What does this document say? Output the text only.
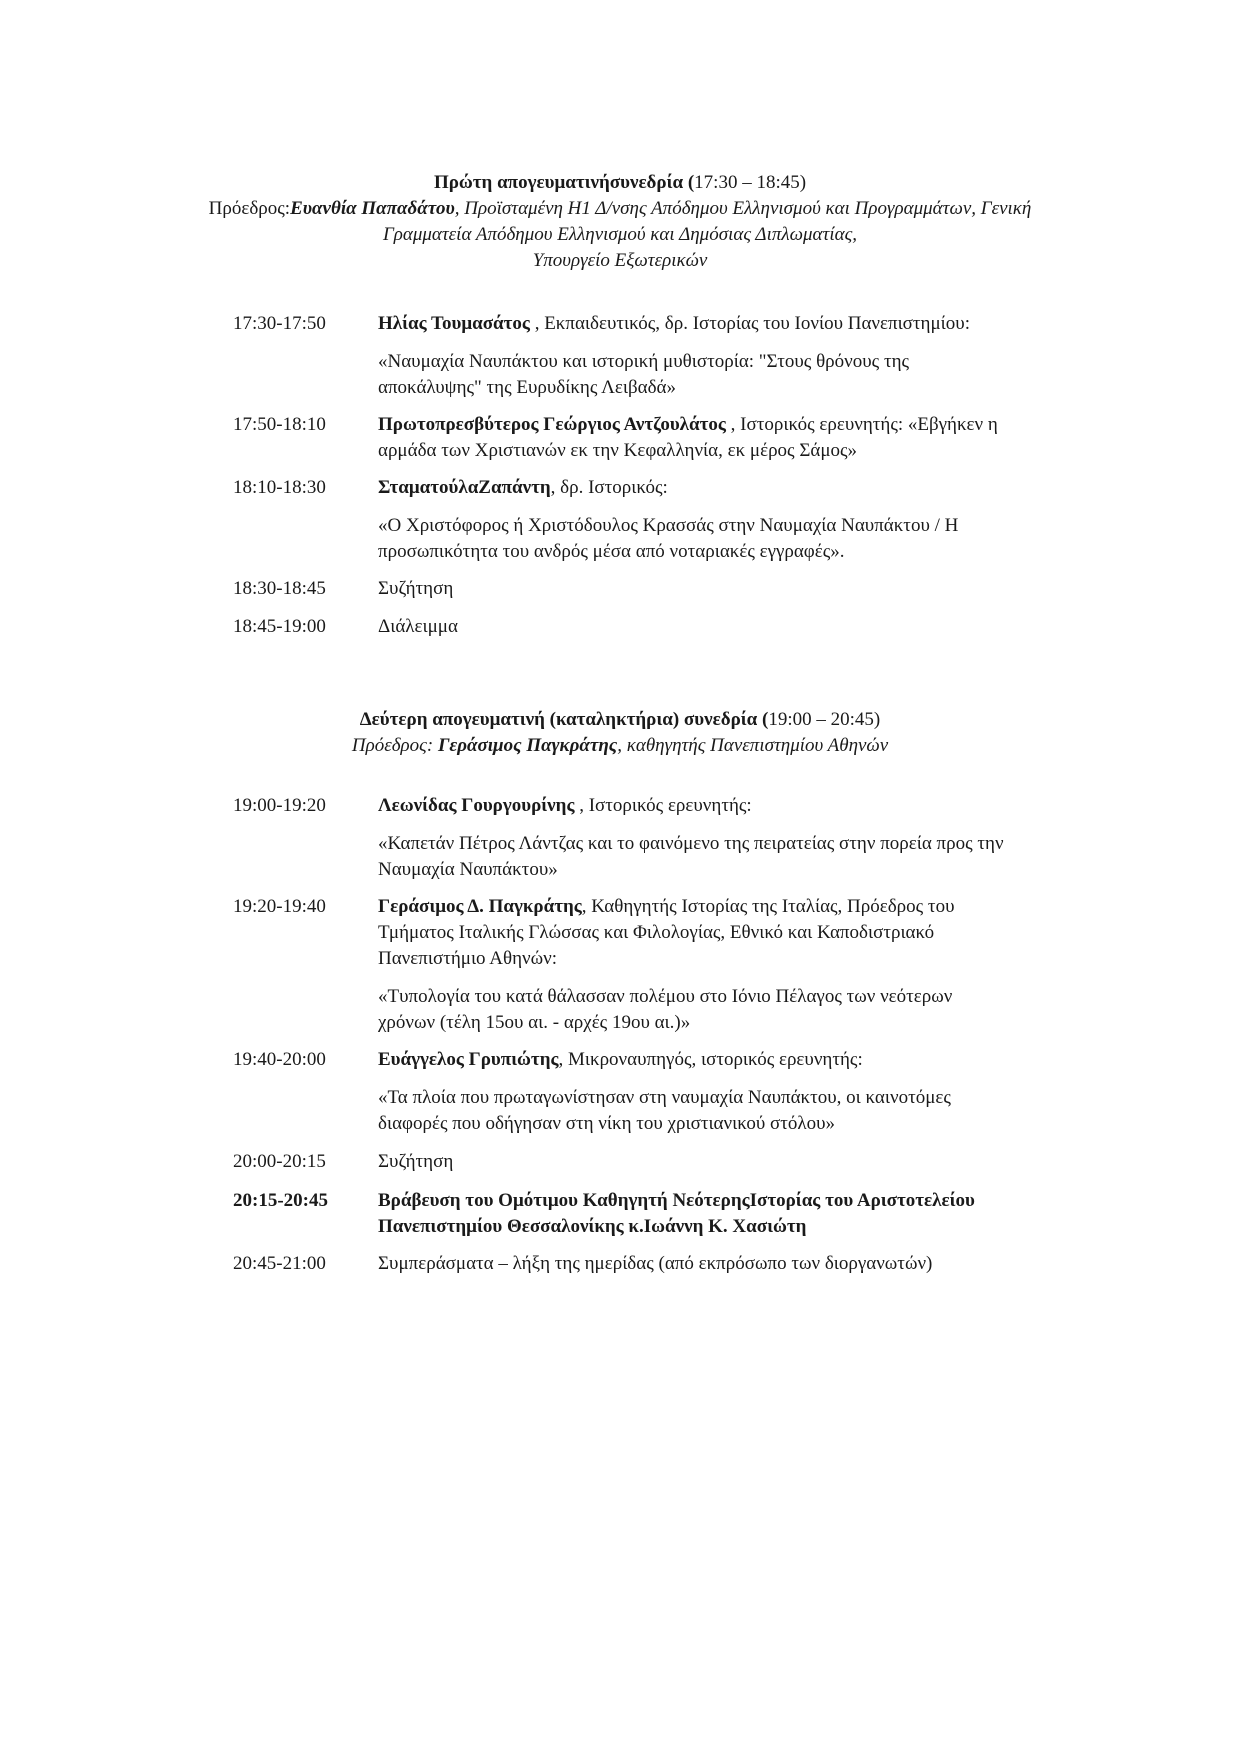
Πρώτη απογευματινήσυνεδρία (17:30 – 18:45)
Πρόεδρος:Ευανθία Παπαδάτου, Προϊσταμένη Η1 Δ/νσης Απόδημου Ελληνισμού και Προγραμμάτων, Γενική
Γραμματεία Απόδημου Ελληνισμού και Δημόσιας Διπλωματίας,
Υπουργείο Εξωτερικών
17:30-17:50	Ηλίας Τουμασάτος , Εκπαιδευτικός, δρ. Ιστορίας του Ιονίου Πανεπιστημίου:
«Ναυμαχία Ναυπάκτου και ιστορική μυθιστορία: "Στους θρόνους της
αποκάλυψης" της Ευρυδίκης Λειβαδά»
17:50-18:10	Πρωτοπρεσβύτερος Γεώργιος Αντζουλάτος , Ιστορικός ερευνητής: «Εβγήκεν η
αρμάδα των Χριστιανών εκ την Κεφαλληνία, εκ μέρος Σάμος»
18:10-18:30	ΣταματούλαΖαπάντη, δρ. Ιστορικός:
«Ο Χριστόφορος ή Χριστόδουλος Κρασσάς στην Ναυμαχία Ναυπάκτου / Η
προσωπικότητα του ανδρός μέσα από νοταριακές εγγραφές».
18:30-18:45	Συζήτηση
18:45-19:00	Διάλειμμα
Δεύτερη απογευματινή (καταληκτήρια) συνεδρία (19:00 – 20:45)
Πρόεδρος: Γεράσιμος Παγκράτης, καθηγητής Πανεπιστημίου Αθηνών
19:00-19:20	Λεωνίδας Γουργουρίνης , Ιστορικός ερευνητής:
«Καπετάν Πέτρος Λάντζας και το φαινόμενο της πειρατείας στην πορεία προς την
Ναυμαχία Ναυπάκτου»
19:20-19:40	Γεράσιμος Δ. Παγκράτης, Καθηγητής Ιστορίας της Ιταλίας, Πρόεδρος του
Τμήματος Ιταλικής Γλώσσας και Φιλολογίας, Εθνικό και Καποδιστριακό
Πανεπιστήμιο Αθηνών:
«Τυπολογία του κατά θάλασσαν πολέμου στο Ιόνιο Πέλαγος των νεότερων
χρόνων (τέλη 15ου αι. - αρχές 19ου αι.)»
19:40-20:00	Ευάγγελος Γρυπιώτης, Μικροναυπηγός, ιστορικός ερευνητής:
«Τα πλοία που πρωταγωνίστησαν στη ναυμαχία Ναυπάκτου, οι καινοτόμες
διαφορές που οδήγησαν στη νίκη του χριστιανικού στόλου»
20:00-20:15	Συζήτηση
20:15-20:45	Βράβευση του Ομότιμου Καθηγητή ΝεότερηςΙστορίας του Αριστοτελείου
Πανεπιστημίου Θεσσαλονίκης κ.Ιωάννη Κ. Χασιώτη
20:45-21:00	Συμπεράσματα – λήξη της ημερίδας (από εκπρόσωπο των διοργανωτών)
